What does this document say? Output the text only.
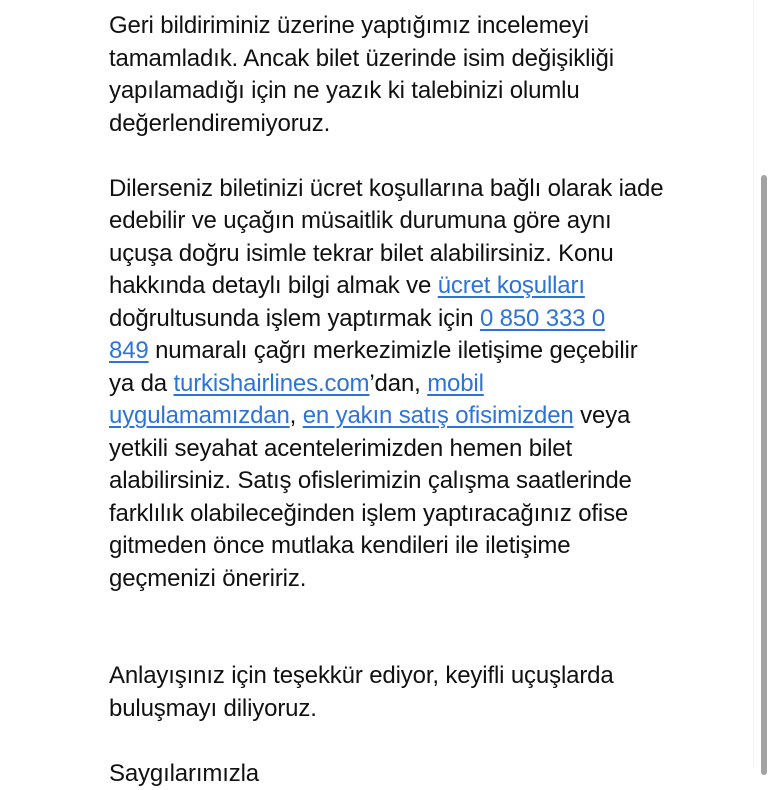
Geri bildiriminiz üzerine yaptığımız incelemeyi
tamamladık. Ancak bilet üzerinde isim değişikliği
yapılamadığı için ne yazık ki talebinizi olumlu
değerlendiremiyoruz.
Dilerseniz biletinizi ücret koşullarına bağlı olarak iade
edebilir ve uçağın müsaitlik durumuna göre aynı
uçuşa doğru isimle tekrar bilet alabilirsiniz. Konu
hakkında detaylı bilgi almak ve ücret koşulları
doğrultusunda işlem yaptırmak için 0 850 333 0
849 numaralı çağrı merkezimizle iletişime geçebilir
ya da turkishairlines.com’dan, mobil
uygulamamızdan, en yakın satış ofisimizden veya
yetkili seyahat acentelerimizden hemen bilet
alabilirsiniz. Satış ofislerimizin çalışma saatlerinde
farklılık olabileceğinden işlem yaptıracağınız ofise
gitmeden önce mutlaka kendileri ile iletişime
geçmenizi öneririz.
Anlayışınız için teşekkür ediyor, keyifli uçuşlarda
buluşmayı diliyoruz.
Saygılarımızla
